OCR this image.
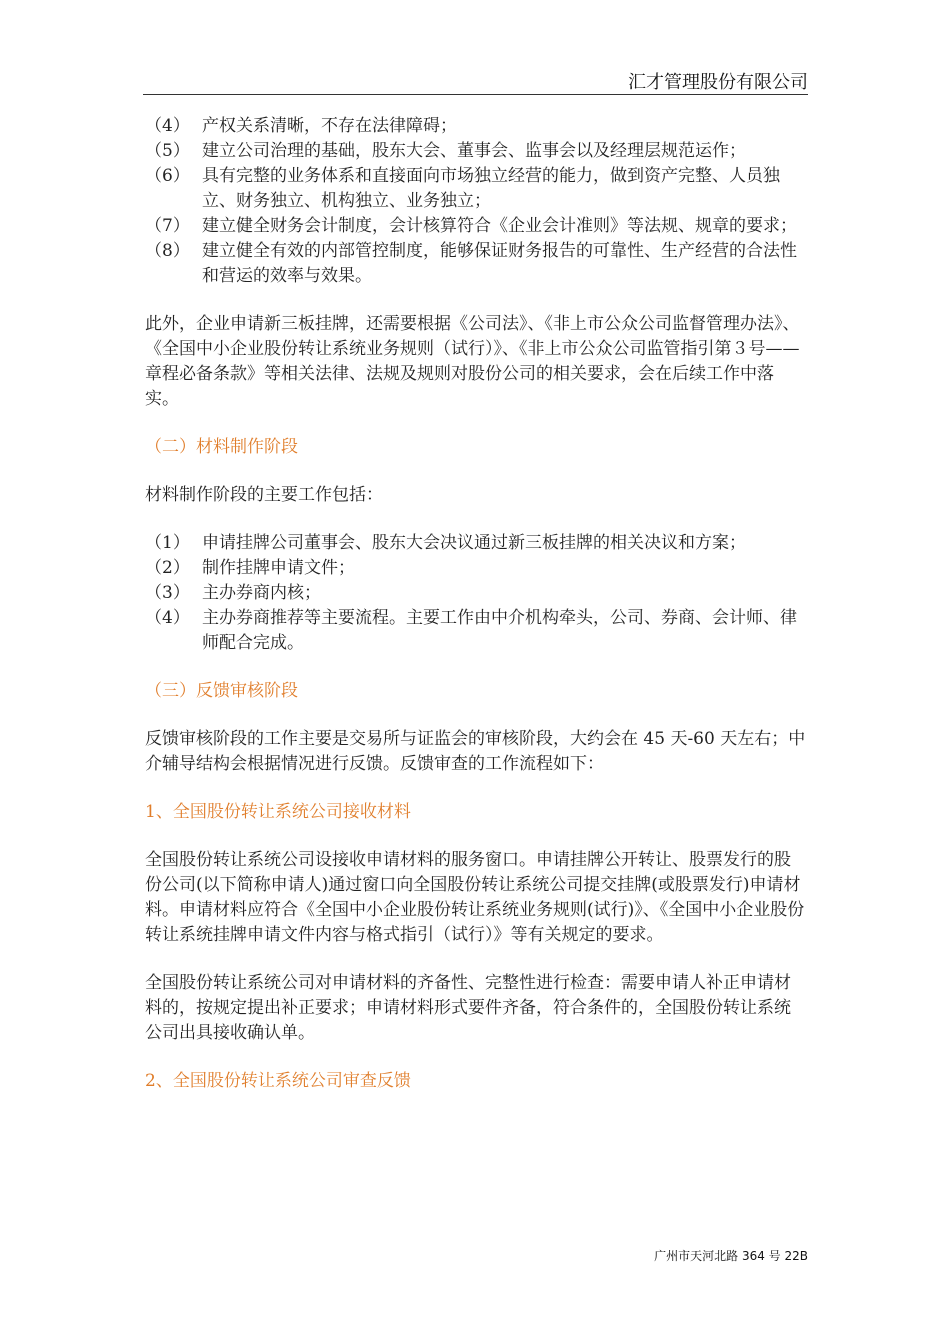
汇才管理股份有限公司
（4） 产权关系清晰，不存在法律障碍；
（5） 建立公司治理的基础，股东大会、董事会、监事会以及经理层规范运作；
（6） 具有完整的业务体系和直接面向市场独立经营的能力，做到资产完整、人员独立、财务独立、机构独立、业务独立；
（7） 建立健全财务会计制度，会计核算符合《企业会计准则》等法规、规章的要求；
（8） 建立健全有效的内部管控制度，能够保证财务报告的可靠性、生产经营的合法性和营运的效率与效果。

此外，企业申请新三板挂牌，还需要根据《公司法》、《非上市公众公司监督管理办法》、《全国中小企业股份转让系统业务规则（试行）》、《非上市公众公司监管指引第３号——章程必备条款》等相关法律、法规及规则对股份公司的相关要求，会在后续工作中落实。

（二）材料制作阶段

材料制作阶段的主要工作包括：

（1） 申请挂牌公司董事会、股东大会决议通过新三板挂牌的相关决议和方案；
（2） 制作挂牌申请文件；
（3） 主办券商内核；
（4） 主办券商推荐等主要流程。主要工作由中介机构牵头，公司、券商、会计师、律师配合完成。

（三）反馈审核阶段

反馈审核阶段的工作主要是交易所与证监会的审核阶段，大约会在 45 天-60 天左右；中介辅导结构会根据情况进行反馈。反馈审查的工作流程如下：

1、全国股份转让系统公司接收材料

全国股份转让系统公司设接收申请材料的服务窗口。申请挂牌公开转让、股票发行的股份公司(以下简称申请人)通过窗口向全国股份转让系统公司提交挂牌(或股票发行)申请材料。申请材料应符合《全国中小企业股份转让系统业务规则(试行)》、《全国中小企业股份转让系统挂牌申请文件内容与格式指引（试行）》等有关规定的要求。

全国股份转让系统公司对申请材料的齐备性、完整性进行检查：需要申请人补正申请材料的，按规定提出补正要求；申请材料形式要件齐备，符合条件的，全国股份转让系统公司出具接收确认单。

2、全国股份转让系统公司审查反馈

广州市天河北路 364 号 22B
